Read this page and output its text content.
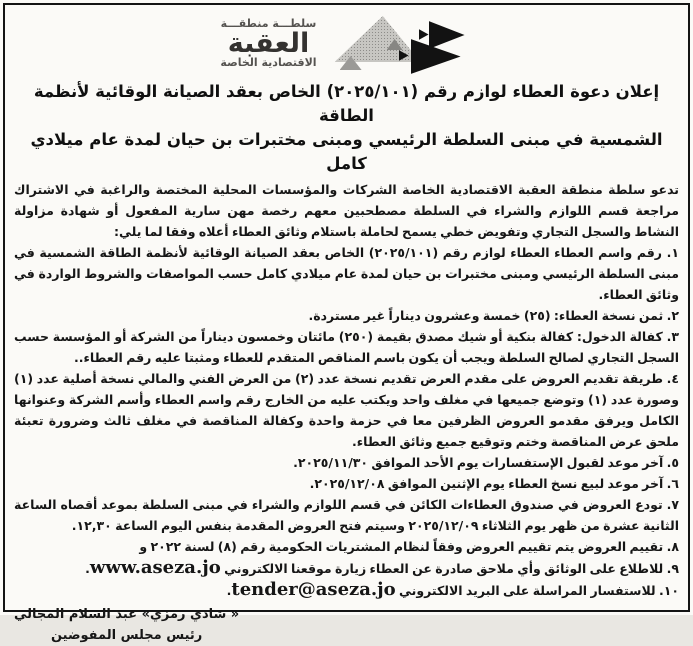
سلطـــة منطقـــة
العقبة
الاقتصادية الخاصة
إعلان دعوة العطاء لوازم رقم (٢٠٢٥/١٠١) الخاص بعقد الصيانة الوقائية لأنظمة الطاقة
الشمسية في مبنى السلطة الرئيسي ومبنى مختبرات بن حيان لمدة عام ميلادي كامل

تدعو سلطة منطقة العقبة الاقتصادية الخاصة الشركات والمؤسسات المحلية المختصة والراغبة في الاشتراك مراجعة قسم اللوازم والشراء في السلطة مصطحبين معهم رخصة مهن سارية المفعول أو شهادة مزاولة النشاط والسجل التجاري وتفويض خطي يسمح لحاملة باستلام وثائق العطاء أعلاه وفقا لما يلي:

١. رقم واسم العطاء العطاء لوازم رقم (٢٠٢٥/١٠١) الخاص بعقد الصيانة الوقائية لأنظمة الطاقة الشمسية في مبنى السلطة الرئيسي ومبنى مختبرات بن حيان لمدة عام ميلادي كامل حسب المواصفات والشروط الواردة في وثائق العطاء.

٢. ثمن نسخة العطاء: (٢٥) خمسة وعشرون ديناراً غير مستردة.

٣. كفالة الدخول: كفالة بنكية أو شيك مصدق بقيمة (٢٥٠) مائتان وخمسون ديناراً من الشركة أو المؤسسة حسب السجل التجاري لصالح السلطة ويجب أن يكون باسم المناقص المتقدم للعطاء ومثبتا عليه رقم العطاء..

٤. طريقة تقديم العروض على مقدم العرض تقديم نسخة عدد (٢) من العرض الفني والمالي نسخة أصلية عدد (١) وصورة عدد (١) وتوضع جميعها في مغلف واحد ويكتب عليه من الخارج رقم واسم العطاء وأسم الشركة وعنوانها الكامل ويرفق مقدمو العروض الظرفين معا في حزمة واحدة وكفالة المناقصة في مغلف ثالث وضرورة تعبئة ملحق عرض المناقصة وختم وتوقيع جميع وثائق العطاء.

٥. آخر موعد لقبول الإستفسارات يوم الأحد الموافق ٢٠٢٥/١١/٣٠.

٦. آخر موعد لبيع نسخ العطاء يوم الإثنين الموافق ٢٠٢٥/١٢/٠٨.

٧. تودع العروض في صندوق العطاءات الكائن في قسم اللوازم والشراء في مبنى السلطة بموعد أقصاه الساعة الثانية عشرة من ظهر يوم الثلاثاء ٢٠٢٥/١٢/٠٩ وسيتم فتح العروض المقدمة بنفس اليوم الساعة ١٢,٣٠.

٨. تقييم العروض يتم تقييم العروض وفقاً لنظام المشتريات الحكومية رقم (٨) لسنة ٢٠٢٢ و

٩. للاطلاع على الوثائق وأي ملاحق صادرة عن العطاء زيارة موقعنا الالكتروني www.aseza.jo.

١٠. للاستفسار المراسلة على البريد الالكتروني tender@aseza.jo.

« شادي رمزي» عبد السلام المجالي
رئيس مجلس المفوضين
